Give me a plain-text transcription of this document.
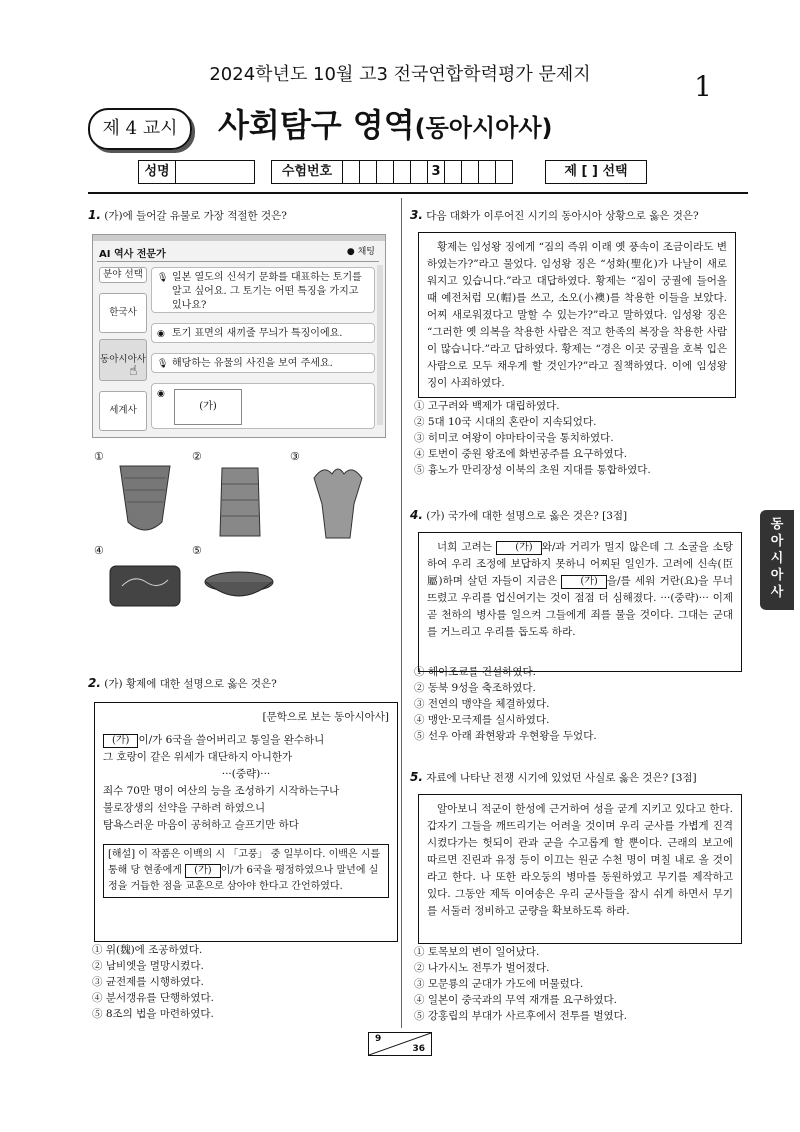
2024학년도 10월 고3 전국연합학력평가 문제지	1
제 4 교시	사회탐구 영역(동아시아사)
성명	수험번호	3	제 [ ] 선택
동
아
시
아
사
1. (가)에 들어갈 유물로 가장 적절한 것은?
AI 역사 전문가	● 채팅
분야 선택
한국사
동아시아사
☝
세계사
🎙 일본 열도의 신석기 문화를 대표하는 토기를 알고 싶어요. 그 토기는 어떤 특징을 가지고 있나요?
◉ 토기 표면의 새끼줄 무늬가 특징이에요.
🎙 해당하는 유물의 사진을 보여 주세요.
◉
(가)
①	②	③
④	⑤
2. (가) 황제에 대한 설명으로 옳은 것은?
[문학으로 보는 동아시아사]
(가) 이/가 6국을 쓸어버리고 통일을 완수하니
그 호랑이 같은 위세가 대단하지 아니한가
···(중략)···
죄수 70만 명이 여산의 능을 조성하기 시작하는구나
불로장생의 선약을 구하려 하였으니
탐욕스러운 마음이 공허하고 슬프기만 하다
[해설] 이 작품은 이백의 시 「고풍」 중 일부이다. 이백은 시를 통해 당 현종에게 (가) 이/가 6국을 평정하였으나 말년에 실정을 거듭한 점을 교훈으로 삼아야 한다고 간언하였다.
① 위(魏)에 조공하였다.
② 남비엣을 멸망시켰다.
③ 균전제를 시행하였다.
④ 분서갱유를 단행하였다.
⑤ 8조의 법을 마련하였다.
3. 다음 대화가 이루어진 시기의 동아시아 상황으로 옳은 것은?
황제는 임성왕 징에게 “짐의 즉위 이래 옛 풍속이 조금이라도 변하였는가?”라고 물었다. 임성왕 징은 “성화(聖化)가 나날이 새로워지고 있습니다.”라고 대답하였다. 황제는 “짐이 궁궐에 들어올 때 예전처럼 모(帽)를 쓰고, 소오(小襖)를 착용한 이들을 보았다. 어찌 새로워졌다고 말할 수 있는가?”라고 말하였다. 임성왕 징은 “그러한 옛 의복을 착용한 사람은 적고 한족의 복장을 착용한 사람이 많습니다.”라고 답하였다. 황제는 “경은 이곳 궁궐을 호복 입은 사람으로 모두 채우게 할 것인가?”라고 질책하였다. 이에 임성왕 징이 사죄하였다.
① 고구려와 백제가 대립하였다.
② 5대 10국 시대의 혼란이 지속되었다.
③ 히미코 여왕이 야마타이국을 통치하였다.
④ 토번이 중원 왕조에 화번공주를 요구하였다.
⑤ 흉노가 만리장성 이북의 초원 지대를 통합하였다.
4. (가) 국가에 대한 설명으로 옳은 것은? [3점]
너희 고려는 (가) 와/과 거리가 멀지 않은데 그 소굴을 소탕하여 우리 조정에 보답하지 못하니 어찌된 일인가. 고려에 신속(臣屬)하며 살던 자들이 지금은 (가) 을/를 세워 거란(요)을 무너뜨렸고 우리를 업신여기는 것이 점점 더 심해졌다. ···(중략)··· 이제 곧 천하의 병사를 일으켜 그들에게 죄를 물을 것이다. 그대는 군대를 거느리고 우리를 돕도록 하라.
① 헤이조쿄를 건설하였다.
② 동북 9성을 축조하였다.
③ 전연의 맹약을 체결하였다.
④ 맹안·모극제를 실시하였다.
⑤ 선우 아래 좌현왕과 우현왕을 두었다.
5. 자료에 나타난 전쟁 시기에 있었던 사실로 옳은 것은? [3점]
알아보니 적군이 한성에 근거하여 성을 굳게 지키고 있다고 한다. 갑자기 그들을 깨뜨리기는 어려울 것이며 우리 군사를 가볍게 진격시켰다가는 헛되이 관과 군을 수고롭게 할 뿐이다. 근래의 보고에 따르면 진린과 유정 등이 이끄는 원군 수천 명이 며칠 내로 올 것이라고 한다. 나 또한 라오둥의 병마를 동원하였고 무기를 제작하고 있다. 그동안 제독 이여송은 우리 군사들을 잠시 쉬게 하면서 무기를 서둘러 정비하고 군량을 확보하도록 하라.
① 토목보의 변이 일어났다.
② 나가시노 전투가 벌어졌다.
③ 모문룡의 군대가 가도에 머물렀다.
④ 일본이 중국과의 무역 재개를 요구하였다.
⑤ 강홍립의 부대가 사르후에서 전투를 벌였다.
9
36
